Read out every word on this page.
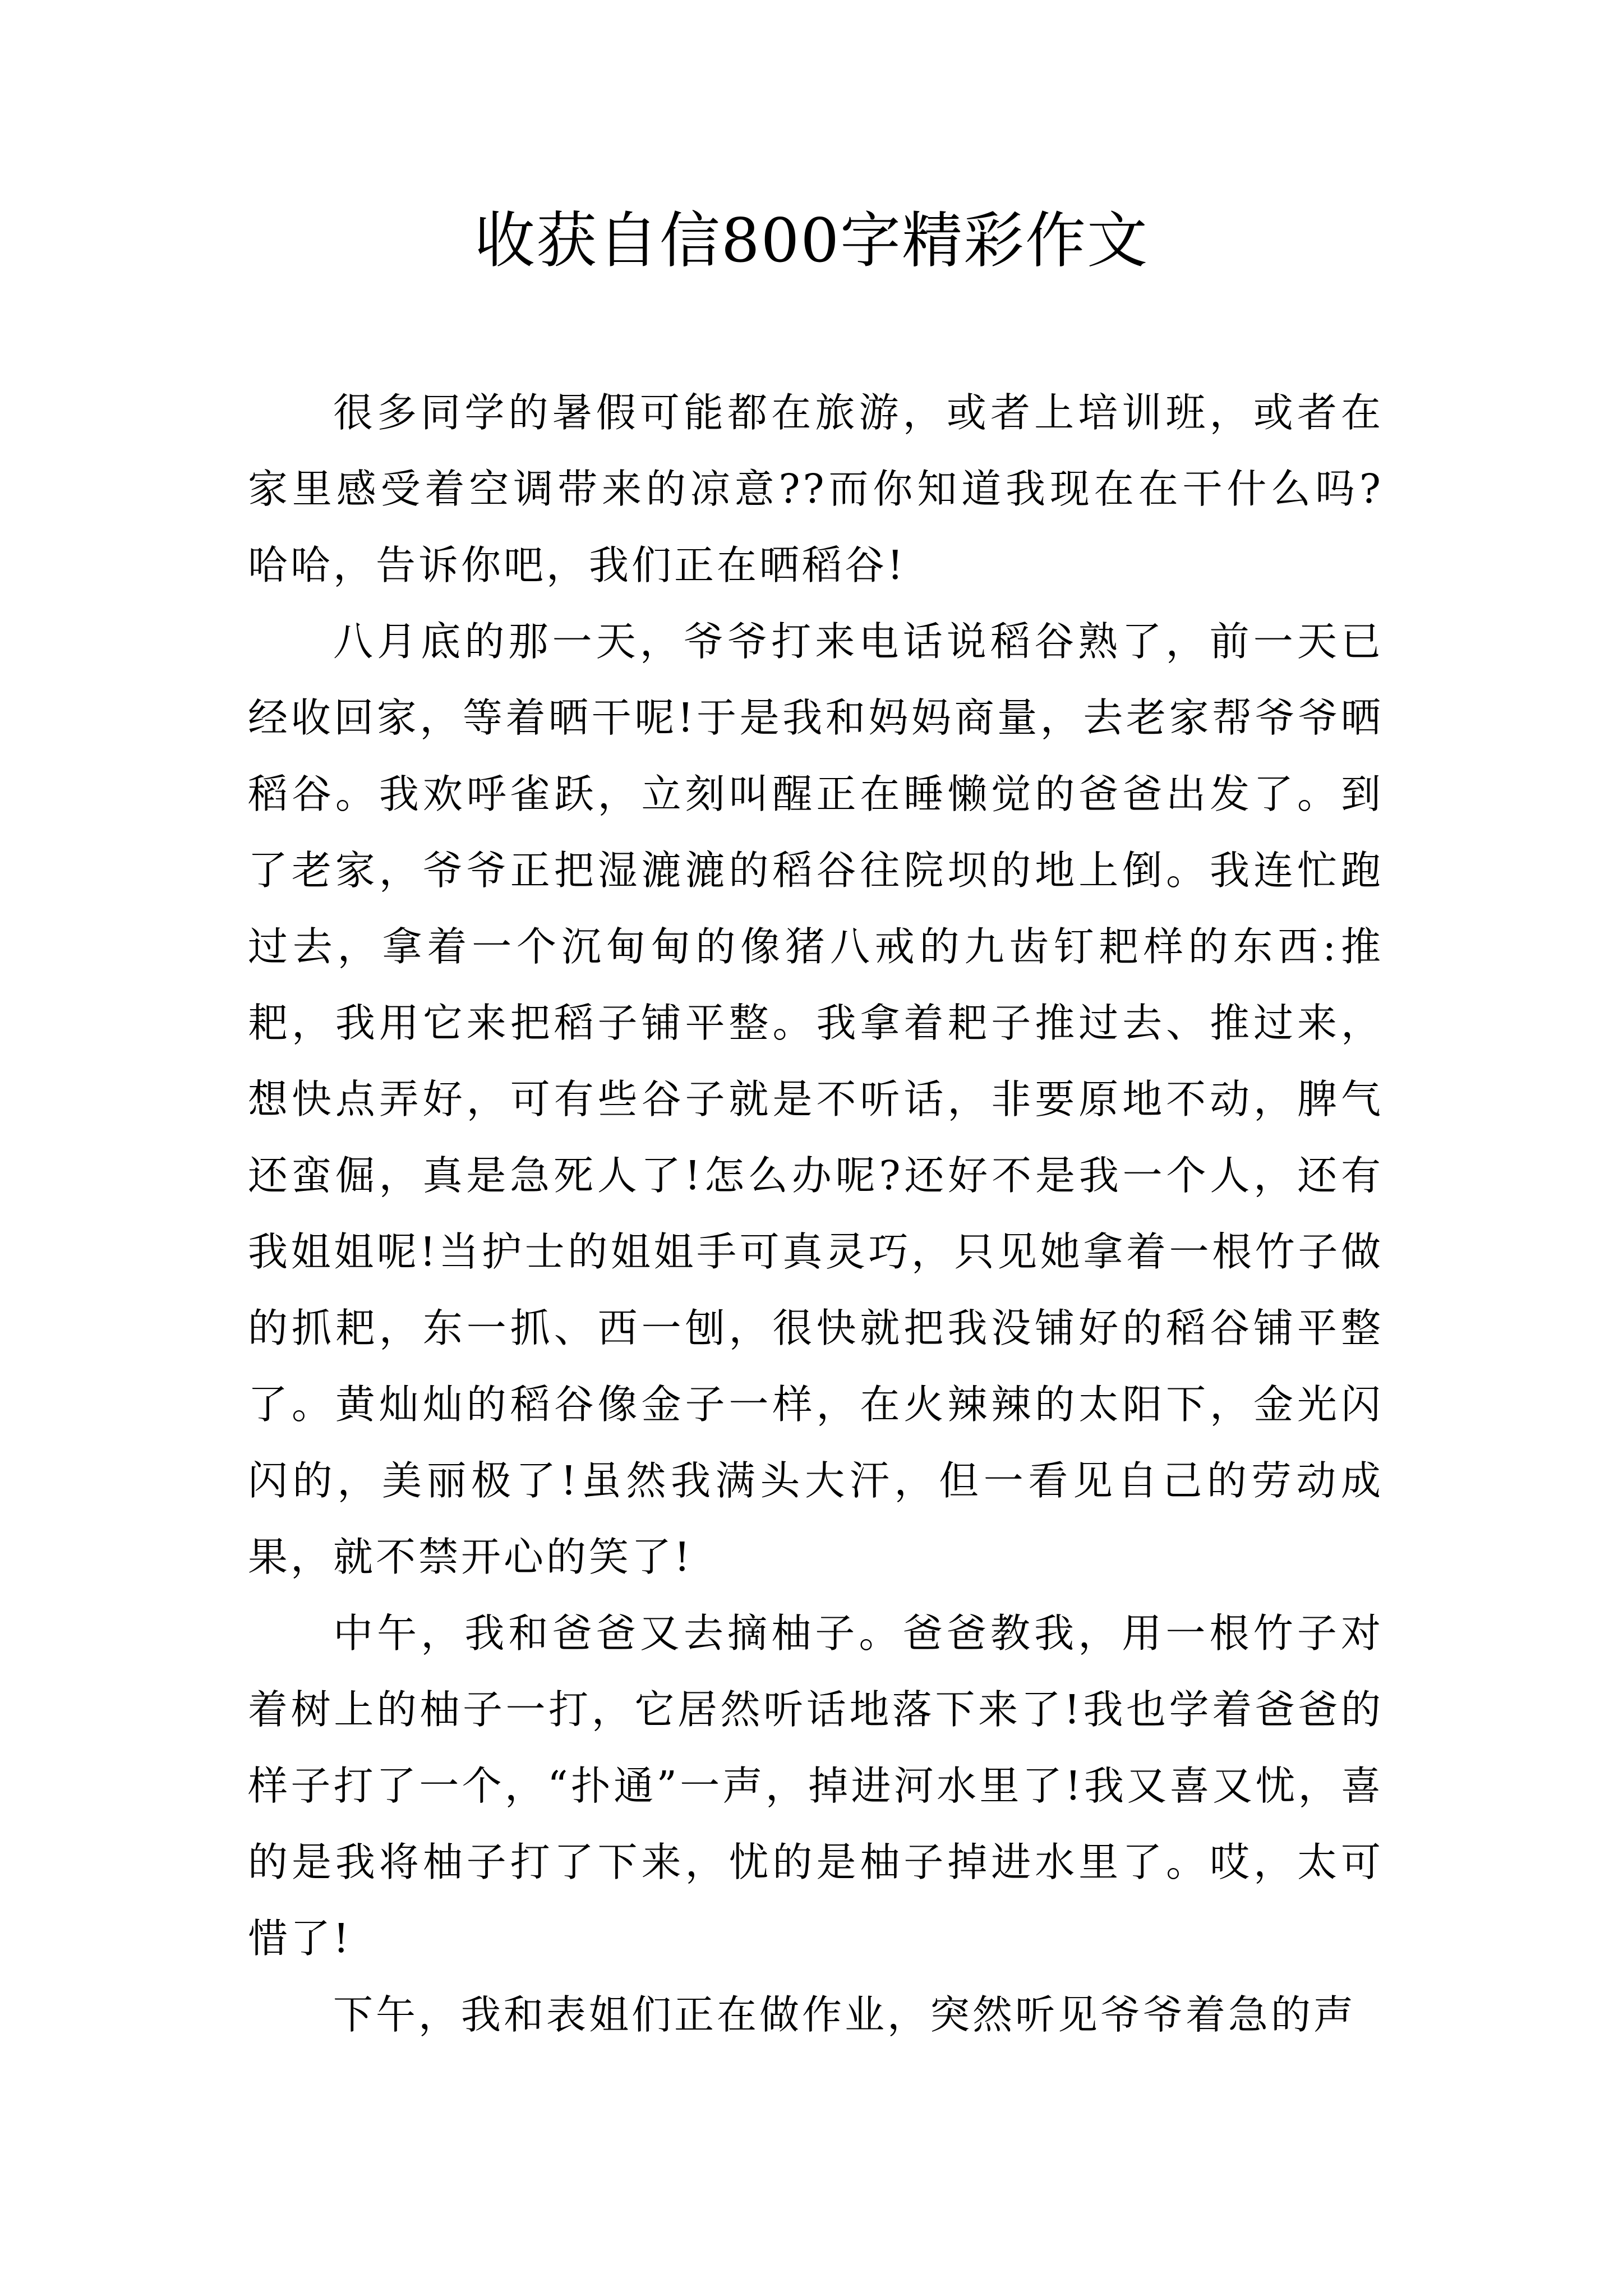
收获自信800字精彩作文

很多同学的暑假可能都在旅游，或者上培训班，或者在家里感受着空调带来的凉意??而你知道我现在在干什么吗?哈哈，告诉你吧，我们正在晒稻谷!

八月底的那一天，爷爷打来电话说稻谷熟了，前一天已经收回家，等着晒干呢!于是我和妈妈商量，去老家帮爷爷晒稻谷。我欢呼雀跃，立刻叫醒正在睡懒觉的爸爸出发了。到了老家，爷爷正把湿漉漉的稻谷往院坝的地上倒。我连忙跑过去，拿着一个沉甸甸的像猪八戒的九齿钉耙样的东西:推耙，我用它来把稻子铺平整。我拿着耙子推过去、推过来，想快点弄好，可有些谷子就是不听话，非要原地不动，脾气还蛮倔，真是急死人了!怎么办呢?还好不是我一个人，还有我姐姐呢!当护士的姐姐手可真灵巧，只见她拿着一根竹子做的抓耙，东一抓、西一刨，很快就把我没铺好的稻谷铺平整了。黄灿灿的稻谷像金子一样，在火辣辣的太阳下，金光闪闪的，美丽极了!虽然我满头大汗，但一看见自己的劳动成果，就不禁开心的笑了!

中午，我和爸爸又去摘柚子。爸爸教我，用一根竹子对着树上的柚子一打，它居然听话地落下来了!我也学着爸爸的样子打了一个，“扑通”一声，掉进河水里了!我又喜又忧，喜的是我将柚子打了下来，忧的是柚子掉进水里了。哎，太可惜了!

下午，我和表姐们正在做作业，突然听见爷爷着急的声
